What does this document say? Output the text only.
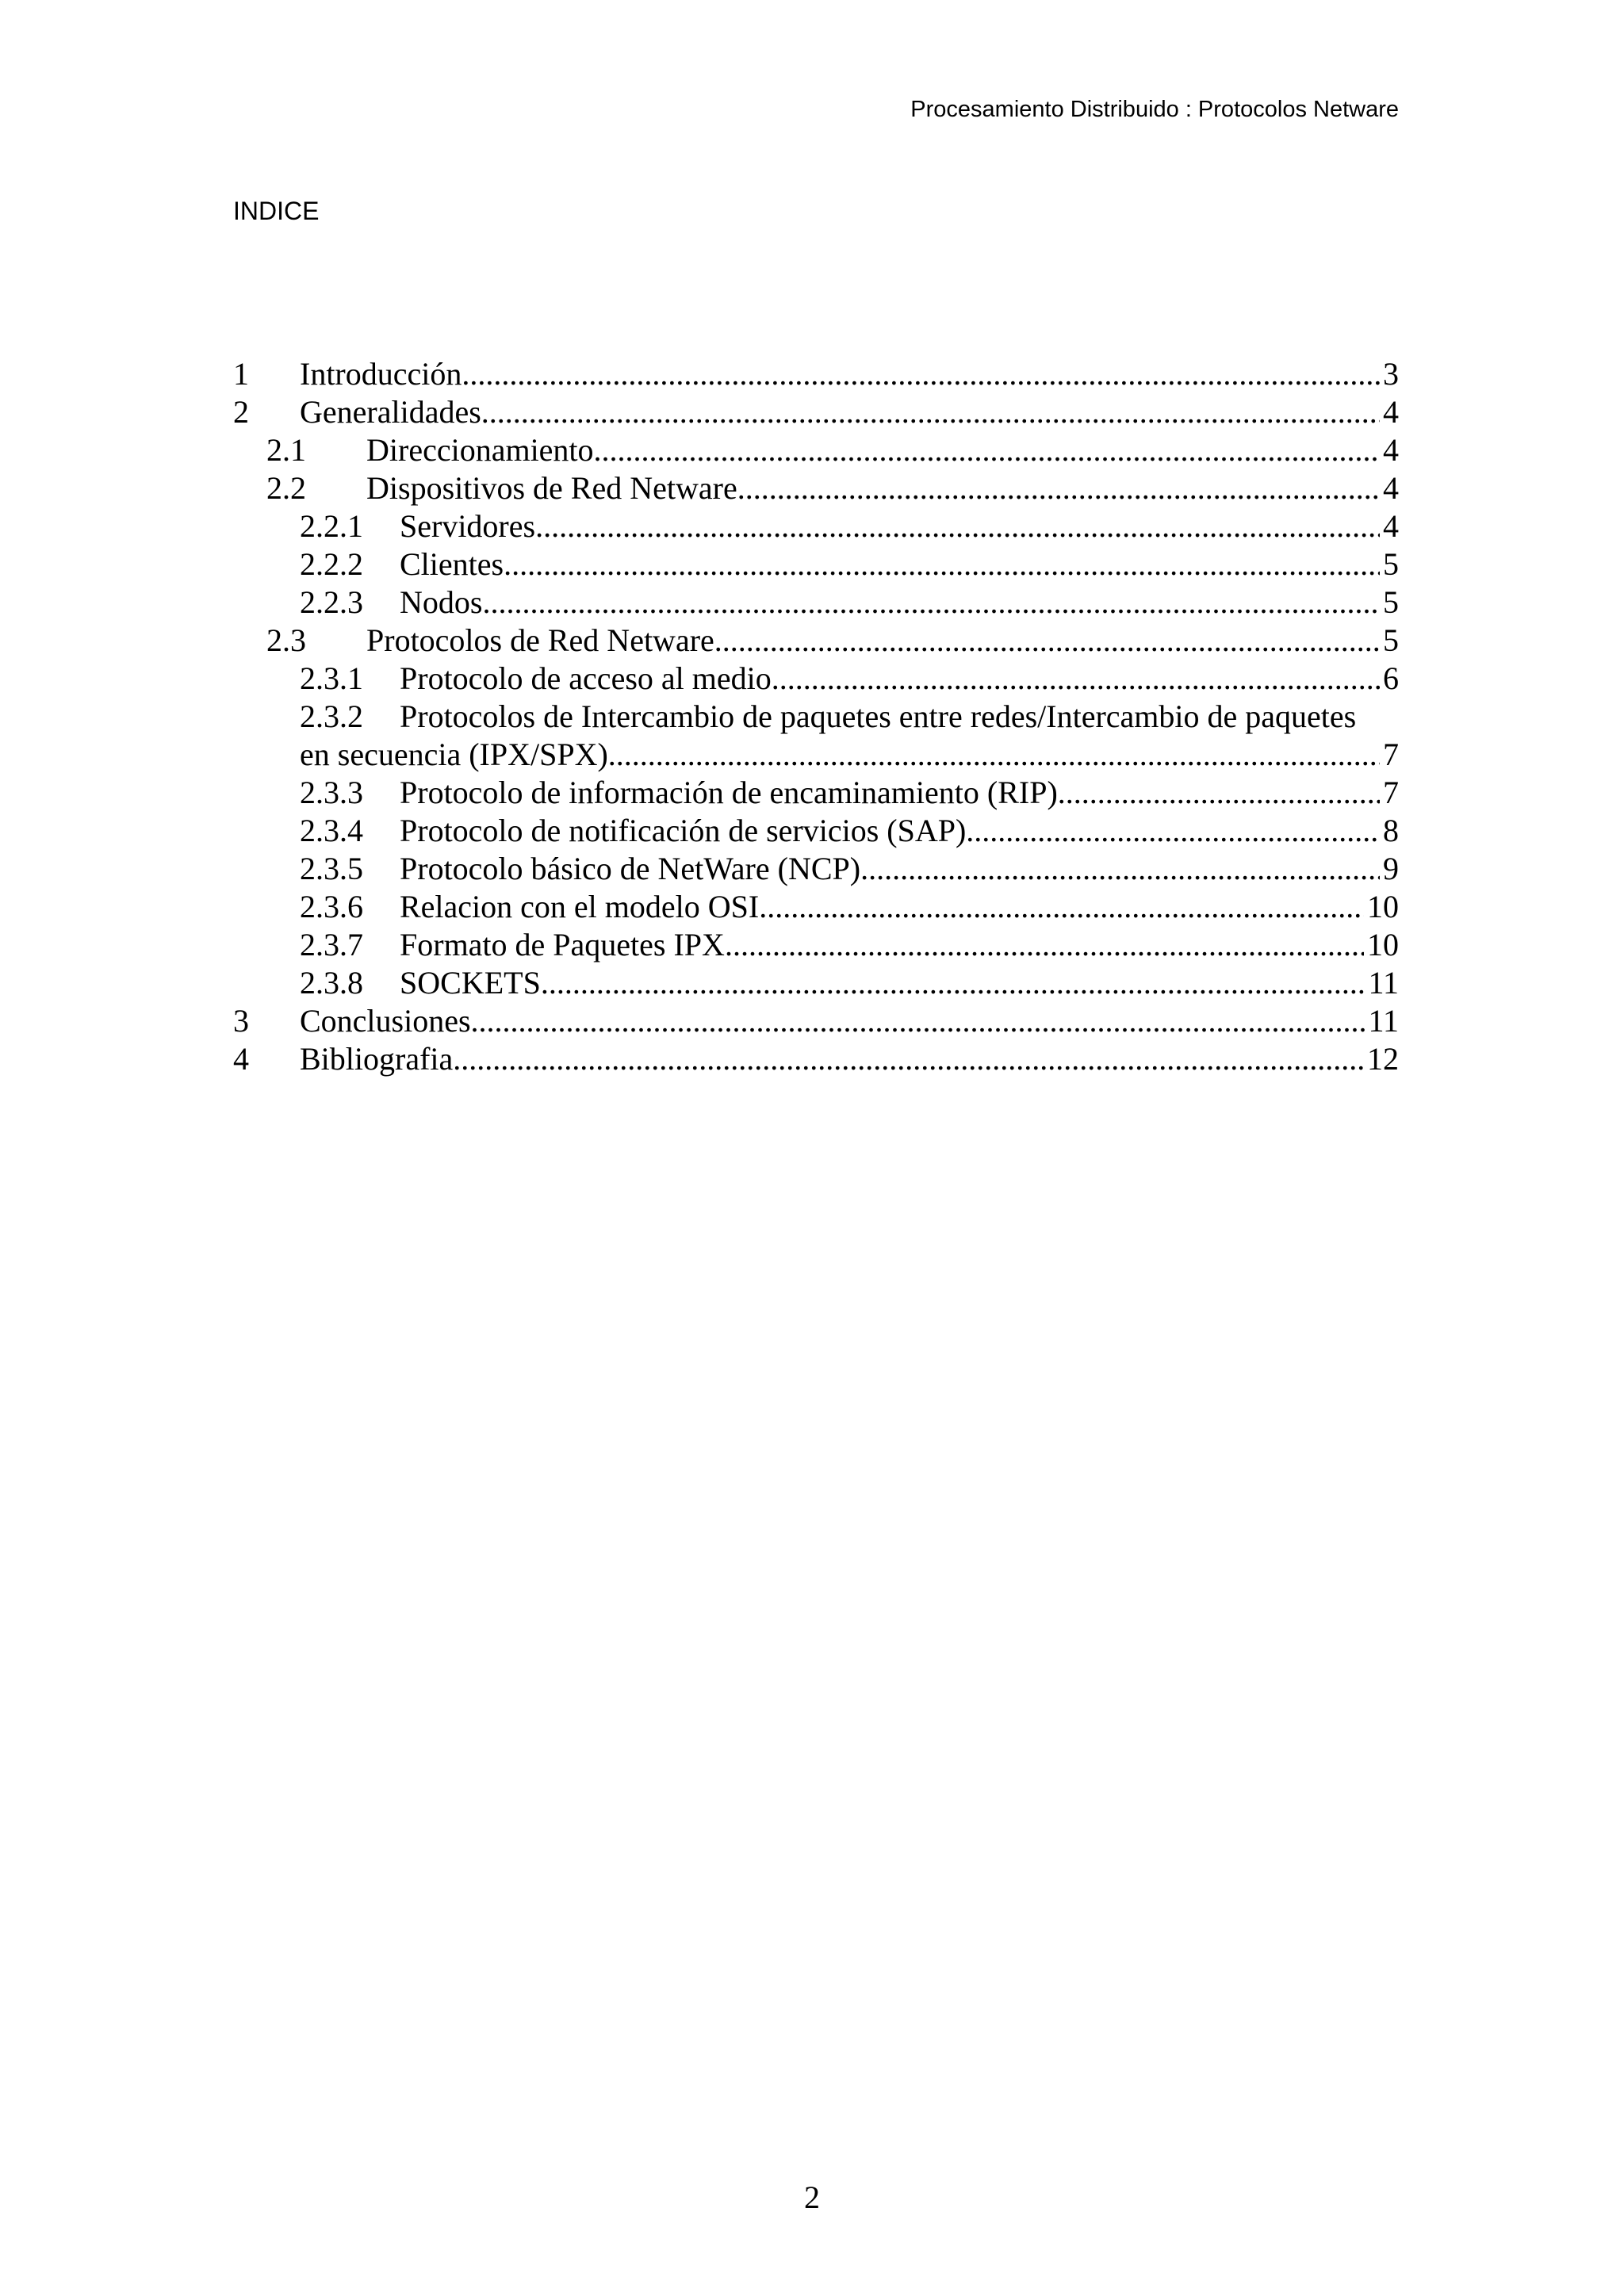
Procesamiento Distribuido : Protocolos Netware
INDICE
1 Introducción .....	3
2 Generalidades .....	4
2.1 Direccionamiento .....	4
2.2 Dispositivos de Red Netware .....	4
2.2.1 Servidores .....	4
2.2.2 Clientes .....	5
2.2.3 Nodos .....	5
2.3 Protocolos de Red Netware .....	5
2.3.1 Protocolo de acceso al medio .....	6
2.3.2 Protocolos de Intercambio de paquetes entre redes/Intercambio de paquetes
en secuencia (IPX/SPX) .....	7
2.3.3 Protocolo de información de encaminamiento (RIP) .....	7
2.3.4 Protocolo de notificación de servicios (SAP) .....	8
2.3.5 Protocolo básico de NetWare (NCP). .....	9
2.3.6 Relacion con el modelo OSI .....	10
2.3.7 Formato de Paquetes IPX .....	10
2.3.8 SOCKETS .....	11
3 Conclusiones .....	11
4 Bibliografia .....	12
2
